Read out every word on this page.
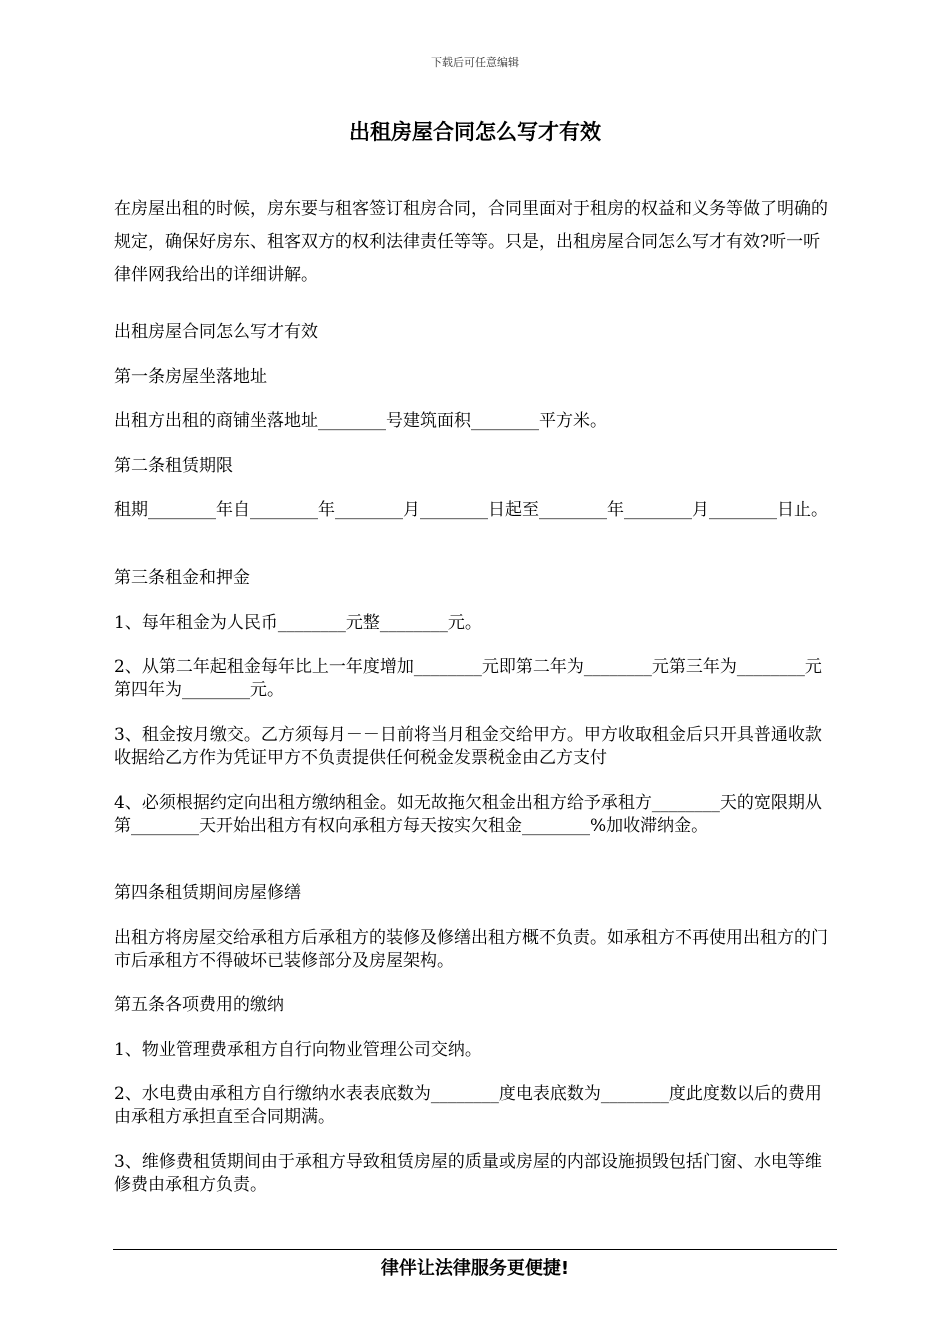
下载后可任意编辑
出租房屋合同怎么写才有效

在房屋出租的时候，房东要与租客签订租房合同，合同里面对于租房的权益和义务等做了明确的规定，确保好房东、租客双方的权利法律责任等等。只是，出租房屋合同怎么写才有效?听一听律伴网我给出的详细讲解。

出租房屋合同怎么写才有效

第一条房屋坐落地址

出租方出租的商铺坐落地址________号建筑面积________平方米。

第二条租赁期限

租期________年自________年________月________日起至________年________月________日止。

第三条租金和押金

1、每年租金为人民币________元整________元。

2、从第二年起租金每年比上一年度增加________元即第二年为________元第三年为________元第四年为________元。

3、租金按月缴交。乙方须每月－－日前将当月租金交给甲方。甲方收取租金后只开具普通收款收据给乙方作为凭证甲方不负责提供任何税金发票税金由乙方支付

4、必须根据约定向出租方缴纳租金。如无故拖欠租金出租方给予承租方________天的宽限期从第________天开始出租方有权向承租方每天按实欠租金________%加收滞纳金。

第四条租赁期间房屋修缮

出租方将房屋交给承租方后承租方的装修及修缮出租方概不负责。如承租方不再使用出租方的门市后承租方不得破坏已装修部分及房屋架构。

第五条各项费用的缴纳

1、物业管理费承租方自行向物业管理公司交纳。

2、水电费由承租方自行缴纳水表表底数为________度电表底数为________度此度数以后的费用由承租方承担直至合同期满。

3、维修费租赁期间由于承租方导致租赁房屋的质量或房屋的内部设施损毁包括门窗、水电等维修费由承租方负责。

律伴让法律服务更便捷!
